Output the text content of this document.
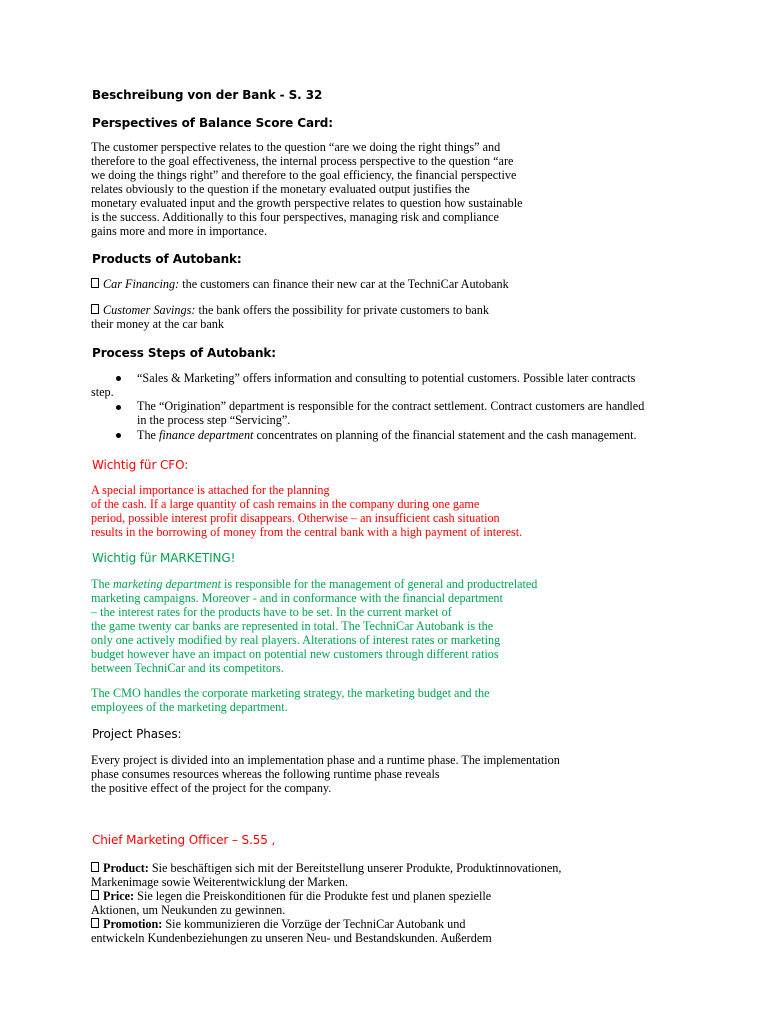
Beschreibung von der Bank - S. 32
Perspectives of Balance Score Card:
The customer perspective relates to the question “are we doing the right things” and
therefore to the goal effectiveness, the internal process perspective to the question “are
we doing the things right” and therefore to the goal efficiency, the financial perspective
relates obviously to the question if the monetary evaluated output justifies the
monetary evaluated input and the growth perspective relates to question how sustainable
is the success. Additionally to this four perspectives, managing risk and compliance
gains more and more in importance.
Products of Autobank:
Car Financing: the customers can finance their new car at the TechniCar Autobank
Customer Savings: the bank offers the possibility for private customers to bank
their money at the car bank
Process Steps of Autobank:
“Sales & Marketing” offers information and consulting to potential customers. Possible later contracts
step.
The “Origination” department is responsible for the contract settlement. Contract customers are handled
in the process step “Servicing”.
The finance department concentrates on planning of the financial statement and the cash management.
Wichtig für CFO:
A special importance is attached for the planning
of the cash. If a large quantity of cash remains in the company during one game
period, possible interest profit disappears. Otherwise – an insufficient cash situation
results in the borrowing of money from the central bank with a high payment of interest.
Wichtig für MARKETING!
The marketing department is responsible for the management of general and productrelated
marketing campaigns. Moreover - and in conformance with the financial department
– the interest rates for the products have to be set. In the current market of
the game twenty car banks are represented in total. The TechniCar Autobank is the
only one actively modified by real players. Alterations of interest rates or marketing
budget however have an impact on potential new customers through different ratios
between TechniCar and its competitors.
The CMO handles the corporate marketing strategy, the marketing budget and the
employees of the marketing department.
Project Phases:
Every project is divided into an implementation phase and a runtime phase. The implementation
phase consumes resources whereas the following runtime phase reveals
the positive effect of the project for the company.
Chief Marketing Officer – S.55 ,
Product: Sie beschäftigen sich mit der Bereitstellung unserer Produkte, Produktinnovationen,
Markenimage sowie Weiterentwicklung der Marken.
Price: Sie legen die Preiskonditionen für die Produkte fest und planen spezielle
Aktionen, um Neukunden zu gewinnen.
Promotion: Sie kommunizieren die Vorzüge der TechniCar Autobank und
entwickeln Kundenbeziehungen zu unseren Neu- und Bestandskunden. Außerdem
